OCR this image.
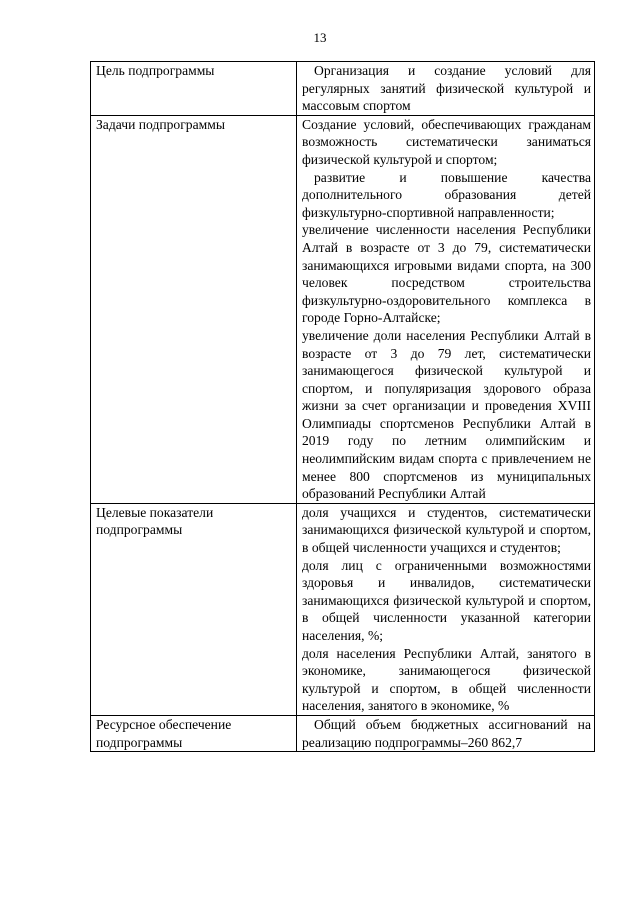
13
Цель подпрограммы	Организация и создание условий для регулярных занятий физической культурой и массовым спортом

Задачи подпрограммы	Создание условий, обеспечивающих гражданам возможность систематически заниматься физической культурой и спортом;
развитие и повышение качества дополнительного образования детей физкультурно-спортивной направленности;
увеличение численности населения Республики Алтай в возрасте от 3 до 79, систематически занимающихся игровыми видами спорта, на 300 человек посредством строительства физкультурно-оздоровительного комплекса в городе Горно-Алтайске;
увеличение доли населения Республики Алтай в возрасте от 3 до 79 лет, систематически занимающегося физической культурой и спортом, и популяризация здорового образа жизни за счет организации и проведения XVIII Олимпиады спортсменов Республики Алтай в 2019 году по летним олимпийским и неолимпийским видам спорта с привлечением не менее 800 спортсменов из муниципальных образований Республики Алтай

Целевые показатели подпрограммы	доля учащихся и студентов, систематически занимающихся физической культурой и спортом, в общей численности учащихся и студентов;
доля лиц с ограниченными возможностями здоровья и инвалидов, систематически занимающихся физической культурой и спортом, в общей численности указанной категории населения, %;
доля населения Республики Алтай, занятого в экономике, занимающегося физической культурой и спортом, в общей численности населения, занятого в экономике, %

Ресурсное обеспечение подпрограммы	Общий объем бюджетных ассигнований на реализацию подпрограммы–260 862,7
